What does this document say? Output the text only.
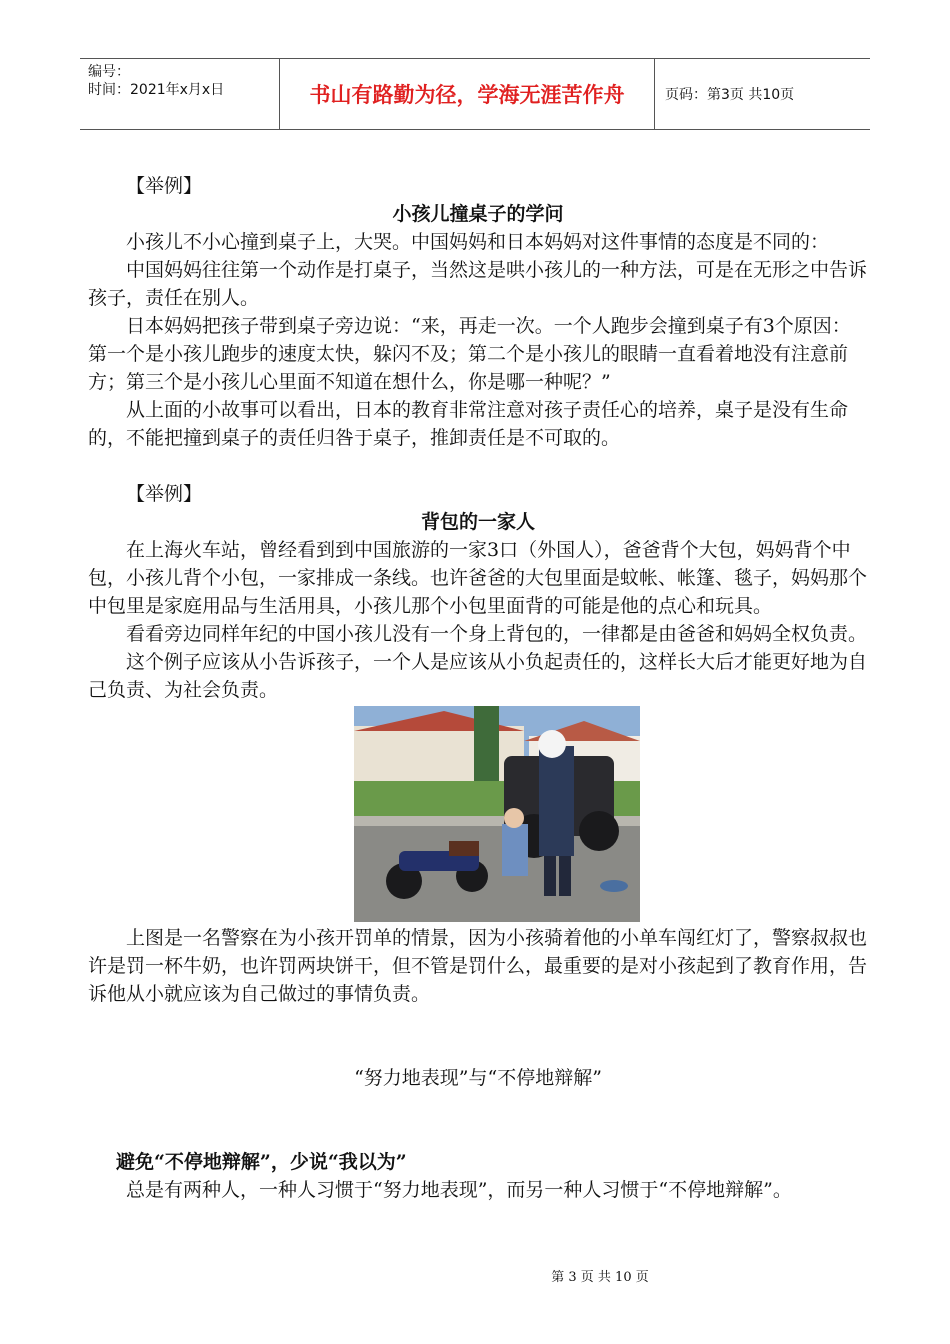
编号：
时间：2021年x月x日	书山有路勤为径，学海无涯苦作舟	页码：第3页 共10页

【举例】

小孩儿撞桌子的学问

小孩儿不小心撞到桌子上，大哭。中国妈妈和日本妈妈对这件事情的态度是不同的：

中国妈妈往往第一个动作是打桌子，当然这是哄小孩儿的一种方法，可是在无形之中告诉孩子，责任在别人。

日本妈妈把孩子带到桌子旁边说：“来，再走一次。一个人跑步会撞到桌子有3个原因：第一个是小孩儿跑步的速度太快，躲闪不及；第二个是小孩儿的眼睛一直看着地没有注意前方；第三个是小孩儿心里面不知道在想什么，你是哪一种呢？”

从上面的小故事可以看出，日本的教育非常注意对孩子责任心的培养，桌子是没有生命的，不能把撞到桌子的责任归咎于桌子，推卸责任是不可取的。

【举例】

背包的一家人

在上海火车站，曾经看到到中国旅游的一家3口（外国人），爸爸背个大包，妈妈背个中包，小孩儿背个小包，一家排成一条线。也许爸爸的大包里面是蚊帐、帐篷、毯子，妈妈那个中包里是家庭用品与生活用具，小孩儿那个小包里面背的可能是他的点心和玩具。

看看旁边同样年纪的中国小孩儿没有一个身上背包的，一律都是由爸爸和妈妈全权负责。

这个例子应该从小告诉孩子，一个人是应该从小负起责任的，这样长大后才能更好地为自己负责、为社会负责。

上图是一名警察在为小孩开罚单的情景，因为小孩骑着他的小单车闯红灯了，警察叔叔也许是罚一杯牛奶，也许罚两块饼干，但不管是罚什么，最重要的是对小孩起到了教育作用，告诉他从小就应该为自己做过的事情负责。

“努力地表现”与“不停地辩解”

避免“不停地辩解”，少说“我以为”

总是有两种人，一种人习惯于“努力地表现”，而另一种人习惯于“不停地辩解”。

第 3 页 共 10 页
